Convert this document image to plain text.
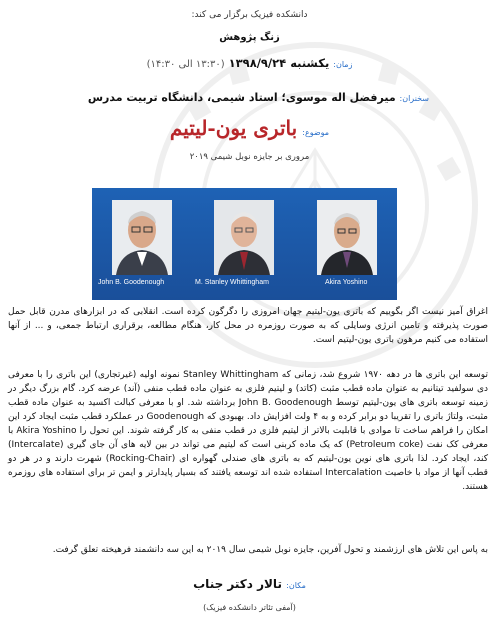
دانشکده فیزیک برگزار می کند:
زنگ پژوهش
زمان: یکشنبه ۱۳۹۸/۹/۲۴ (۱۳:۳۰ الی ۱۴:۳۰)
سخنران: میرفضل اله موسوی؛ استاد شیمی، دانشگاه تربیت مدرس
موضوع: باتری یون-لیتیم
مروری بر جایزه نوبل شیمی ۲۰۱۹
John B. Goodenough	M. Stanley Whittingham	Akira Yoshino

اغراق آمیز نیست اگر بگوییم که باتری یون-لیتیم جهان امروزی را دگرگون کرده است. انقلابی که در ابزارهای مدرن قابل حمل صورت پذیرفته و تامین انرژی وسایلی که به صورت روزمره در محل کار، هنگام مطالعه، برقراری ارتباط جمعی، و ... از آنها استفاده می کنیم مرهون باتری یون-لیتیم است.

توسعه این باتری ها در دهه ۱۹۷۰ شروع شد، زمانی که Stanley Whittingham نمونه اولیه (غیرتجاری) این باتری را با معرفی دی سولفید تیتانیم به عنوان ماده قطب مثبت (کاتد) و لیتیم فلزی به عنوان ماده قطب منفی (آند) عرضه کرد. گام بزرگ دیگر در زمینه توسعه باتری های یون-لیتیم توسط John B. Goodenough برداشته شد. او با معرفی کبالت اکسید به عنوان ماده قطب مثبت، ولتاژ باتری را تقریبا دو برابر کرده و به ۴ ولت افزایش داد. بهبودی که Goodenough در عملکرد قطب مثبت ایجاد کرد این امکان را فراهم ساخت تا موادی با قابلیت بالاتر از لیتیم فلزی در قطب منفی به کار گرفته شوند. این تحول را Akira Yoshino با معرفی کک نفت (Petroleum coke) که یک ماده کربنی است که لیتیم می تواند در بین لایه های آن جای گیری (Intercalate) کند، ایجاد کرد. لذا باتری های نوین یون-لیتیم که به باتری های صندلی گهواره ای (Rocking-Chair) شهرت دارند و در هر دو قطب آنها از مواد با خاصیت Intercalation استفاده شده اند توسعه یافتند که بسیار پایدارتر و ایمن تر برای استفاده های روزمره هستند.

به پاس این تلاش های ارزشمند و تحول آفرین، جایزه نوبل شیمی سال ۲۰۱۹ به این سه دانشمند فرهیخته تعلق گرفت.

مکان: تالار دکتر جناب
(آمفی تئاتر دانشکده فیزیک)
